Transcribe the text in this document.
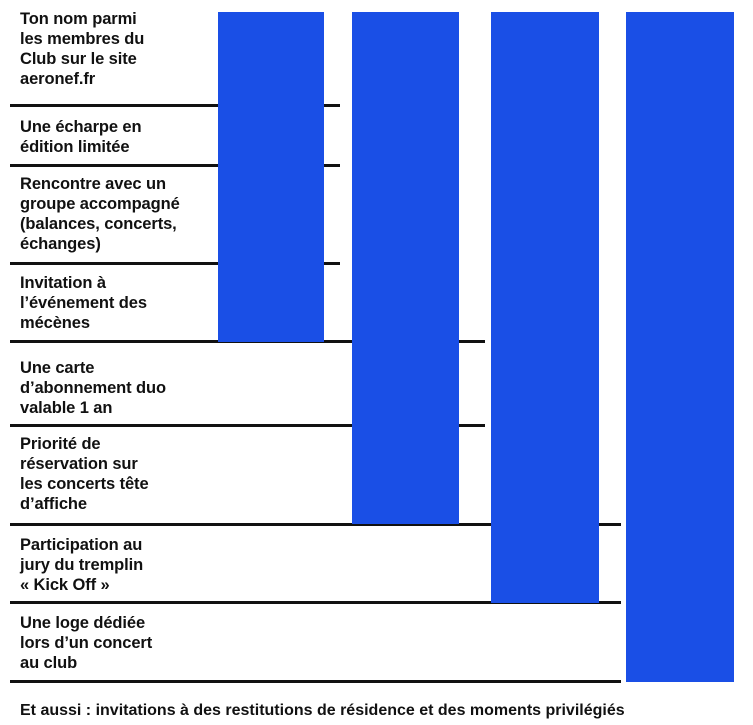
Ton nom parmi
les membres du
Club sur le site
aeronef.fr
Une écharpe en
édition limitée
Rencontre avec un
groupe accompagné
(balances, concerts,
échanges)
Invitation à
l’événement des
mécènes
Une carte
d’abonnement duo
valable 1 an
Priorité de
réservation sur
les concerts tête
d’affiche
Participation au
jury du tremplin
« Kick Off »
Une loge dédiée
lors d’un concert
au club

Et aussi : invitations à des restitutions de résidence et des moments privilégiés
